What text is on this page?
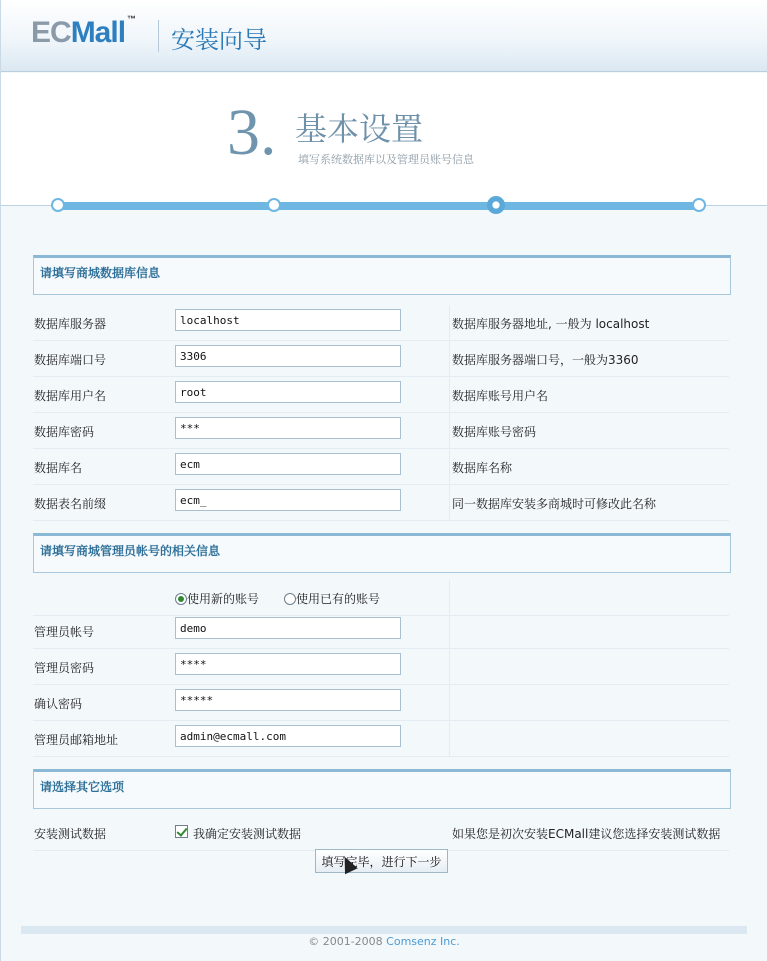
ECMall ™
安装向导
3. 基本设置
填写系统数据库以及管理员账号信息
请填写商城数据库信息
数据库服务器	localhost	数据库服务器地址, 一般为 localhost
数据库端口号	3306	数据库服务器端口号，一般为3360
数据库用户名	root	数据库账号用户名
数据库密码	***	数据库账号密码
数据库名	ecm	数据库名称
数据表名前缀	ecm_	同一数据库安装多商城时可修改此名称
请填写商城管理员帐号的相关信息
使用新的账号	使用已有的账号
管理员帐号	demo
管理员密码	****
确认密码	*****
管理员邮箱地址	admin@ecmall.com
请选择其它选项
安装测试数据	我确定安装测试数据	如果您是初次安装ECMall建议您选择安装测试数据
填写完毕，进行下一步
© 2001-2008 Comsenz Inc.
